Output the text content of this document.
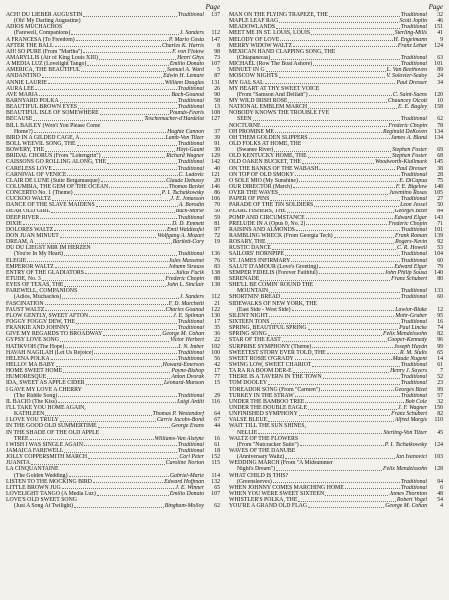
Page
ACH! DU LIEBER AUGUSTIN	Traditional	137
(Oh! My Darling Augustine)
ADIOS MUCHACHOS
(Farewell, Companions)	J. Sanders	112
A FRANCESA (To Freedom)	P. Mario Costa	147
AFTER THE BALL	Charles K. Harris	8
AH! SO PURE (From "Martha")	F. von Flotow	98
AMARYLLIS (Air of King Louis XIII)	Henri Ghys	73
A MEDIA LUZ (Lovelight Tango)	Emilio Donato	107
AMERICA, THE BEAUTIFUL	Samuel A. Ward	5
ANDANTINO	Edwin H. Lemare	87
ANNIE LAURIE	William Douglas	131
AURA LEE	Traditional	26
AVE MARIA	Bach-Gounod	90
BARNYARD POLKA	Traditional	58
BEAUTIFUL BROWN EYES	Traditional	13
BEAUTIFUL ISLE OF SOMEWHERE	Pounds-Fearis	108
BECAUSE	Teschemacher-d'Hardelot	127
BILL BAILEY (Won't You Please Come
Home?)	Hughie Cannon	37
BIRD IN A GILDED CAGE, A	Lamb-Von Tilzer	39
BOLL WEEVIL SONG, THE	Traditional	91
BOWERY, THE	Hoyt-Gaunt	30
BRIDAL CHORUS (From "Lohengrin")	Richard Wagner	129
CAISSONS GO ROLLING ALONG, THE	Traditional	142
CARELESS LOVE	Traditional	40
CARNIVAL OF VENICE	C. Ludovic	121
CLAIR DE LUNE (Suite Bergamasque)	Claude Debussy	20
COLUMBIA, THE GEM OF THE OCEAN	Thomas Becket	146
CONCERTO No. 1 (Theme)	P. I. Tschaikowsky	86
CUCKOO WALTZ	J. E. Jonasson	106
DANCE OF THE SLAVE MAIDENS	A. Borodin	70
DEAR OLD GIRL	Buck-Morse	50
DEEP RIVER	Traditional	59
DIXIE	D. D. Emmett	81
DOLORES WALTZ	Emil Waldteufel	97
DON JUAN MINUET	Wolfgang A. Mozart	72
DREAM, A	Bartlett-Cory	19
DU DU LIEGST MIR IM HERZEN
(You're In My Heart)	Traditional	136
ELEGIE	Jules Massenet	76
EMPEROR WALTZ	Johann Strauss	83
ENTRY OF THE GLADIATORS	Julius Fucik	138
ETUDE, No. 3	Frederic Chopin	88
EYES OF TEXAS, THE	John L. Sinclair	138
FAREWELL, COMPANIONS
(Adios, Muchachos)	J. Sanders	112
FASCINATION	F. D. Marchetti	21
FAUST WALTZ	Charles Gounod	122
FLOW GENTLY, SWEET AFTON	J. E. Spilman	130
FOGGY FOGGY DEW, THE	Traditional	17
FRANKIE AND JOHNNY	Traditional	35
GIVE MY REGARDS TO BROADWAY	George M. Cohan	36
GYPSY LOVE SONG	Victor Herbert	22
HATIKVOH (The Hope)	I. N. Imber	102
HAVAH NAGILAH (Let Us Rejoice)	Traditional	100
HELENA POLKA	Traditional	56
HELLO! MA BABY	Howard-Emerson	42
HOME SWEET HOME	Payne-Bishop	17
HUMORESQUE	Anton Dvorak	77
IDA, SWEET AS APPLE CIDER	Leonard-Munson	15
I GAVE MY LOVE A CHERRY
(The Riddle Song)	Traditional	29
IL BACIO (The Kiss)	Luigi Arditi	116
I'LL TAKE YOU HOME AGAIN,
KATHLEEN	Thomas P. Westendorf	64
I LOVE YOU TRULY	Carrie Jacobs-Bond	67
IN THE GOOD OLD SUMMERTIME	George Evans	44
IN THE SHADE OF THE OLD APPLE
TREE	Williams-Van Alstyne	16
I WISH I WAS SINGLE AGAIN	Traditional	61
JAMAICA FAREWELL	Traditional	18
JOLLY COPPERSMITH MARCH	Carl Peter	152
JUANITA	Caroline Norton	115
LA CINQUANTAINE
(The Golden Wedding)	Gabriel-Marie	114
LISTEN TO THE MOCKING BIRD	Edward Hoffman	132
LITTLE BROWN JUG	J. E. Winner	65
LOVELIGHT TANGO (A Media Luz)	Emilio Donato	107
LOVE'S OLD SWEET SONG
(Just A Song At Twilight)	Bingham-Molloy	62
Page
MAN ON THE FLYING TRAPEZE, THE	Traditional	32
MAPLE LEAF RAG	Scott Joplin	46
MEADOWLANDS	Traditional	151
MEET ME IN ST. LOUIS, LOUIS	Sterling-Mills	41
MELODY OF LOVE	H. Engelmann	9
MERRY WIDOW WALTZ	Franz Lehar	124
MEXICAN HAND CLAPPING SONG, THE
(Chiapanecas)	Traditional	63
MICHAEL (Row The Boat Ashore)	Traditional	101
MINUET IN G	L. Van Beethoven	89
MOSCOW NIGHTS	V. Solovier-Sedoy	24
MY GAL SAL	Paul Dresser	34
MY HEART AT THY SWEET VOICE
(From "Samson And Delilah")	C. Saint-Saens	120
MY WILD IRISH ROSE	Chauncey Olcott	10
NATIONAL EMBLEM MARCH	E. E. Bagley	158
NOBODY KNOWS THE TROUBLE I'VE
SEEN	Traditional	62
NOCTURNE	Frederic Chopin	78
OH PROMISE ME	Reginald DeKoven	134
OH THEM GOLDEN SLIPPERS	James A. Bland	134
OLD FOLKS AT HOME, THE
(Swanee River)	Stephen Foster	69
OLD KENTUCKY HOME, THE	Stephen Foster	68
OLD OAKEN BUCKET, THE	Woodworth-Kiallmark	145
ON THE BANKS OF THE WABASH	Paul Dresser	38
ON TOP OF OLD SMOKY	Traditional	28
O SOLE MIO (My Sunshine)	E. DiCapua	75
OUR DIRECTOR (March)	F. E. Bigelow	148
OVER THE WAVES	Juventino Rosas	105
PAPER OF PINS	Traditional	27
PARADE OF THE TIN SOLDIERS	Leon Jessel	50
PEARL FISHERS, THE	Georges Bizet	84
POMP AND CIRCUMSTANCE	Edward Elgar	143
PRELUDE IN A (Opus 0, No. 2)	Frederic Chopin	71
RAISINS AND ALMONDS	Traditional	101
RAMBLING WRECK (From Georgia Tech)	Frank Roman	139
ROSARY, THE	Rogers-Nevin	92
RUSTIC DANCE	C. R. Howell	53
SAILORS' HORNPIPE	Traditional	104
ST. JAMES INFIRMARY	Traditional	60
SALUT D'AMOUR (Love's Greeting)	Edward Elgar	79
SEMPER FIDELIS (Forever Faithful)	John Philip Sousa	140
SERENADE	Franz Schubert	80
SHE'LL BE COMIN' ROUND THE
MOUNTAIN	Traditional	133
SHORTNIN' BREAD	Traditional	60
SIDEWALKS OF NEW YORK, THE
(East Side - West Side)	Lawlor-Blake	12
SILENT NIGHT	Mohr-Gruber	95
SIXTEEN TONS	Traditional	16
SPRING, BEAUTIFUL SPRING	Paul Lincke	74
SPRING SONG	Felix Mendelssohn	82
STAR OF THE EAST	Cooper-Kennedy	96
SURPRISE SYMPHONY (Theme)	Joseph Haydn	99
SWEETEST STORY EVER TOLD, THE	R. M. Stults	65
SWEET ROSIE O'GRADY	Maude Nugent	14
SWING LOW, SWEET CHARIOT	Traditional	61
TA RA RA BOOM DER-E	Henry J. Sayers	7
THERE IS A TAVERN IN THE TOWN	Traditional	52
TOM DOOLEY	Traditional	23
TOREADOR SONG (From "Carmen")	Georges Bizet	99
TURKEY IN THE STRAW	Traditional	57
UNDER THE BAMBOO TREE	Bob Cole	32
UNDER THE DOUBLE EAGLE	J. F. Wagner	150
UNFINISHED SYMPHONY	Franz Schubert	82
VALSE BLEUE	Alfred Margis	110
WAIT TILL THE SUN SHINES,
NELLIE	Sterling-Von Tilzer	45
WALTZ OF THE FLOWERS
(From "Nutcracker Suite")	P. I. Tschaikowsky	124
WAVES OF THE DANUBE
(Anniversary Waltz)	Jan Ivanovici	103
WEDDING MARCH (From "A Midsummer
Night's Dream")	Felix Mendelssohn	128
WHAT CHILD IS THIS?
(Greensleeves)	Traditional	94
WHEN JOHNNY COMES MARCHING HOME	Traditional	6
WHEN YOU WERE SWEET SIXTEEN	James Thornton	48
WHISTLER'S POLKA, THE	Robert Vogel	54
YOU'RE A GRAND OLD FLAG	George M. Cohan	4
